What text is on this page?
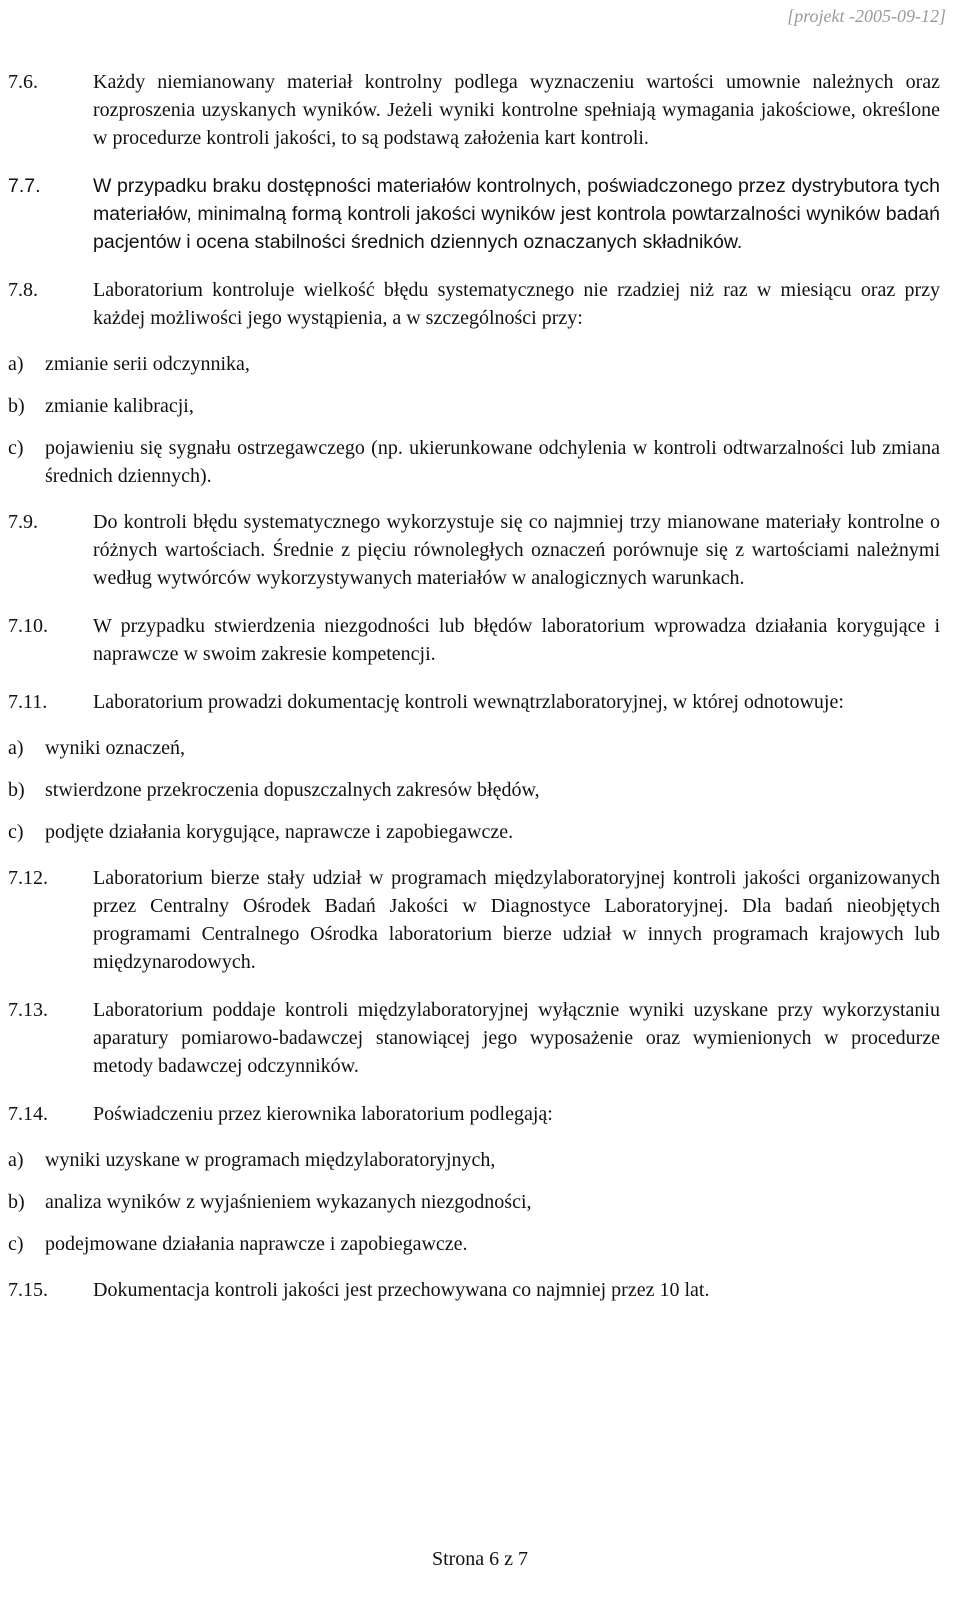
[projekt -2005-09-12]
7.6.	Każdy niemianowany materiał kontrolny podlega wyznaczeniu wartości umownie należnych oraz rozproszenia uzyskanych wyników. Jeżeli wyniki kontrolne spełniają wymagania jakościowe, określone w procedurze kontroli jakości, to są podstawą założenia kart kontroli.
7.7.	W przypadku braku dostępności materiałów kontrolnych, poświadczonego przez dystrybutora tych materiałów, minimalną formą kontroli jakości wyników jest kontrola powtarzalności wyników badań pacjentów i ocena stabilności średnich dziennych oznaczanych składników.
7.8.	Laboratorium kontroluje wielkość błędu systematycznego nie rzadziej niż raz w miesiącu oraz przy każdej możliwości jego wystąpienia, a w szczególności przy:
a)	zmianie serii odczynnika,
b)	zmianie kalibracji,
c)	pojawieniu się sygnału ostrzegawczego (np. ukierunkowane odchylenia w kontroli odtwarzalności lub zmiana średnich dziennych).
7.9.	Do kontroli błędu systematycznego wykorzystuje się co najmniej trzy mianowane materiały kontrolne o różnych wartościach. Średnie z pięciu równoległych oznaczeń porównuje się z wartościami należnymi według wytwórców wykorzystywanych materiałów w analogicznych warunkach.
7.10.	W przypadku stwierdzenia niezgodności lub błędów laboratorium wprowadza działania korygujące i naprawcze w swoim zakresie kompetencji.
7.11.	Laboratorium prowadzi dokumentację kontroli wewnątrzlaboratoryjnej, w której odnotowuje:
a)	wyniki oznaczeń,
b)	stwierdzone przekroczenia dopuszczalnych zakresów błędów,
c)	podjęte działania korygujące, naprawcze i zapobiegawcze.
7.12.	Laboratorium bierze stały udział w programach międzylaboratoryjnej kontroli jakości organizowanych przez Centralny Ośrodek Badań Jakości w Diagnostyce Laboratoryjnej. Dla badań nieobjętych programami Centralnego Ośrodka laboratorium bierze udział w innych programach krajowych lub międzynarodowych.
7.13.	Laboratorium poddaje kontroli międzylaboratoryjnej wyłącznie wyniki uzyskane przy wykorzystaniu aparatury pomiarowo-badawczej stanowiącej jego wyposażenie oraz wymienionych w procedurze metody badawczej odczynników.
7.14.	Poświadczeniu przez kierownika laboratorium podlegają:
a)	wyniki uzyskane w programach międzylaboratoryjnych,
b)	analiza wyników z wyjaśnieniem wykazanych niezgodności,
c)	podejmowane działania naprawcze i zapobiegawcze.
7.15.	Dokumentacja kontroli jakości jest przechowywana co najmniej przez 10 lat.
Strona 6 z 7
